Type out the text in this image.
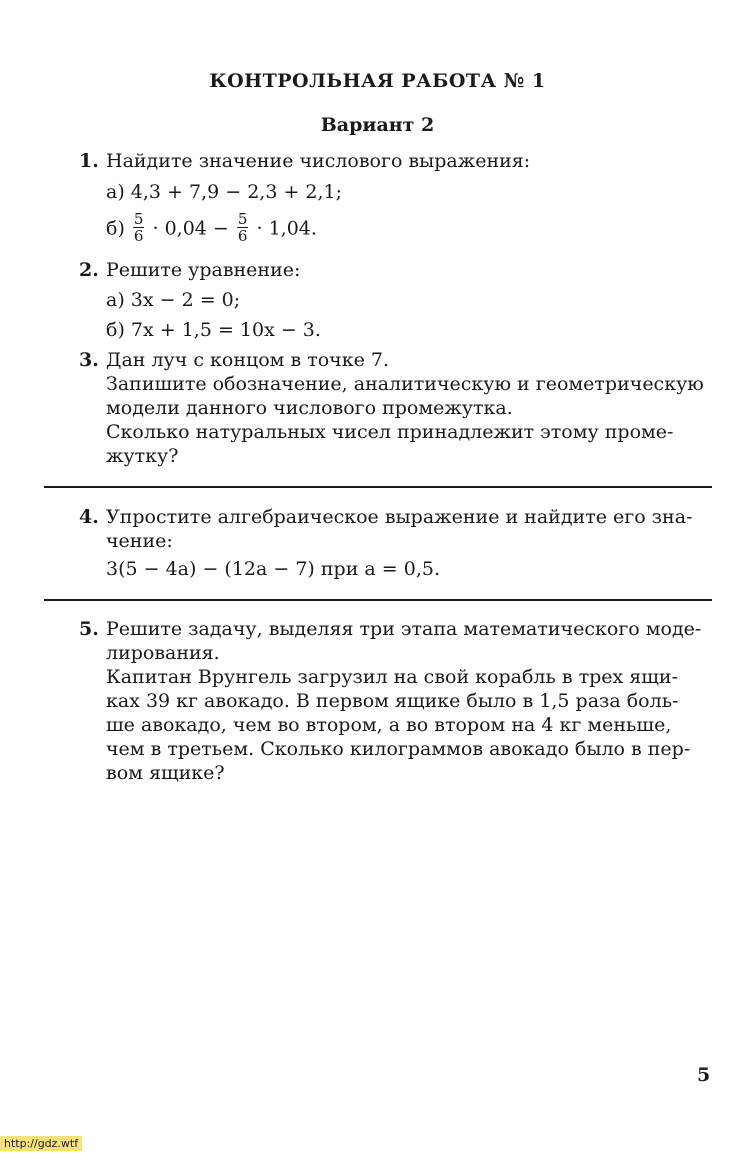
КОНТРОЛЬНАЯ РАБОТА № 1
Вариант 2
1. Найдите значение числового выражения:
а) 4,3 + 7,9 − 2,3 + 2,1;
$б) \frac{5}{6} \cdot 0,04 - \frac{5}{6} \cdot 1,04$.
2. Решите уравнение:
а) 3x − 2 = 0;
б) 7x + 1,5 = 10x − 3.
3. Дан луч с концом в точке 7.
Запишите обозначение, аналитическую и геометрическую
модели данного числового промежутка.
Сколько натуральных чисел принадлежит этому проме-
жутку?
4. Упростите алгебраическое выражение и найдите его зна-
чение:
3(5 − 4a) − (12a − 7) при a = 0,5.
5. Решите задачу, выделяя три этапа математического моде-
лирования.
Капитан Врунгель загрузил на свой корабль в трех ящи-
ках 39 кг авокадо. В первом ящике было в 1,5 раза боль-
ше авокадо, чем во втором, а во втором на 4 кг меньше,
чем в третьем. Сколько килограммов авокадо было в пер-
вом ящике?
5
http://gdz.wtf
